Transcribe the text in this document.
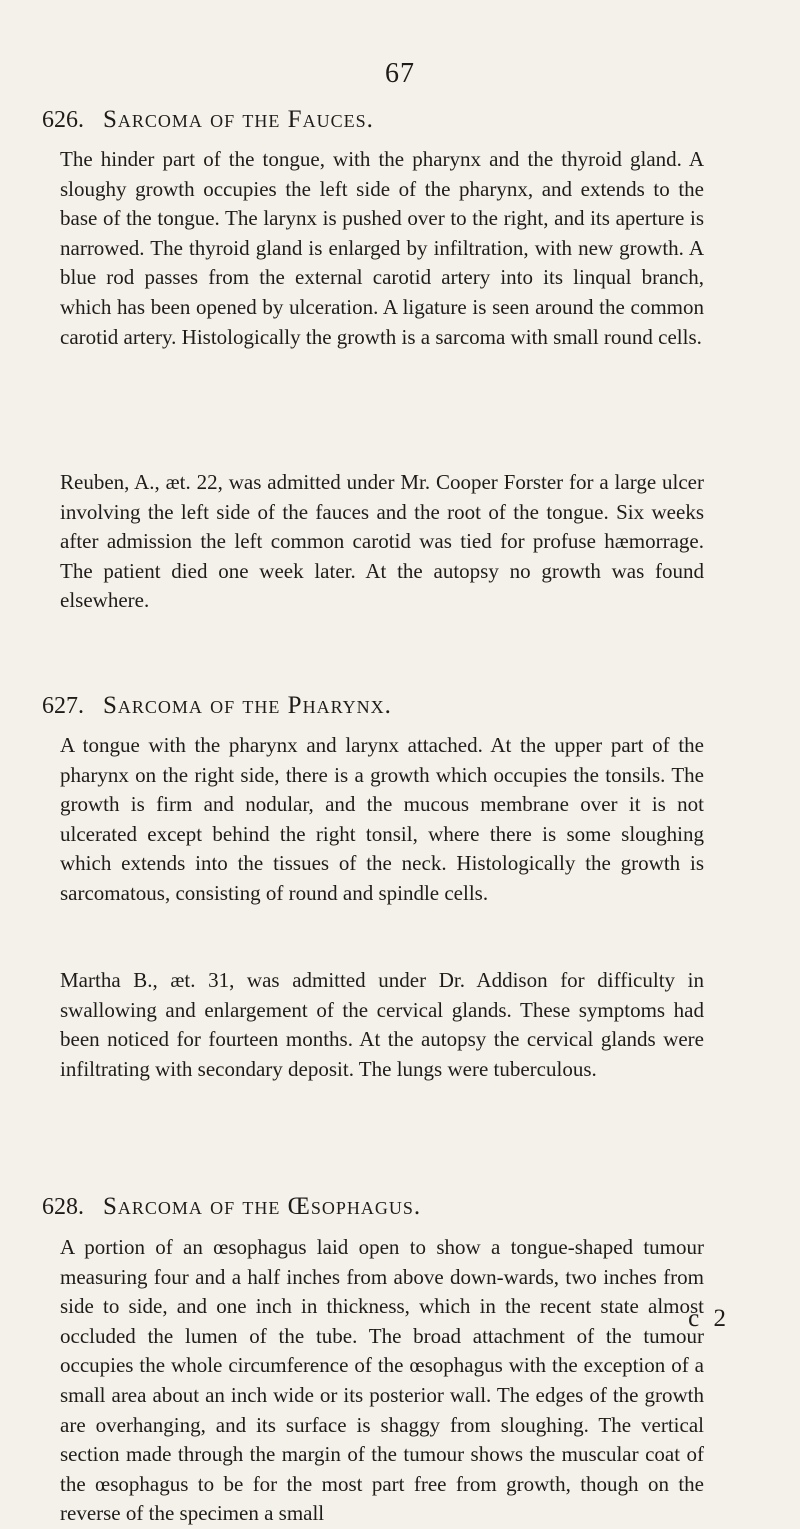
67
626. Sarcoma of the Fauces.

The hinder part of the tongue, with the pharynx and the thyroid gland. A sloughy growth occupies the left side of the pharynx, and extends to the base of the tongue. The larynx is pushed over to the right, and its aperture is narrowed. The thyroid gland is enlarged by infiltration, with new growth. A blue rod passes from the external carotid artery into its linqual branch, which has been opened by ulceration. A ligature is seen around the common carotid artery. Histologically the growth is a sarcoma with small round cells.

Reuben, A., æt. 22, was admitted under Mr. Cooper Forster for a large ulcer involving the left side of the fauces and the root of the tongue. Six weeks after admission the left common carotid was tied for profuse hæmorrage. The patient died one week later. At the autopsy no growth was found elsewhere.

627. Sarcoma of the Pharynx.

A tongue with the pharynx and larynx attached. At the upper part of the pharynx on the right side, there is a growth which occupies the tonsils. The growth is firm and nodular, and the mucous membrane over it is not ulcerated except behind the right tonsil, where there is some sloughing which extends into the tissues of the neck. Histologically the growth is sarcomatous, consisting of round and spindle cells.

Martha B., æt. 31, was admitted under Dr. Addison for difficulty in swallowing and enlargement of the cervical glands. These symptoms had been noticed for fourteen months. At the autopsy the cervical glands were infiltrating with secondary deposit. The lungs were tuberculous.

628. Sarcoma of the Œsophagus.

A portion of an œsophagus laid open to show a tongue-shaped tumour measuring four and a half inches from above down-wards, two inches from side to side, and one inch in thickness, which in the recent state almost occluded the lumen of the tube. The broad attachment of the tumour occupies the whole circumference of the œsophagus with the exception of a small area about an inch wide or its posterior wall. The edges of the growth are overhanging, and its surface is shaggy from sloughing. The vertical section made through the margin of the tumour shows the muscular coat of the œsophagus to be for the most part free from growth, though on the reverse of the specimen a small

c 2
